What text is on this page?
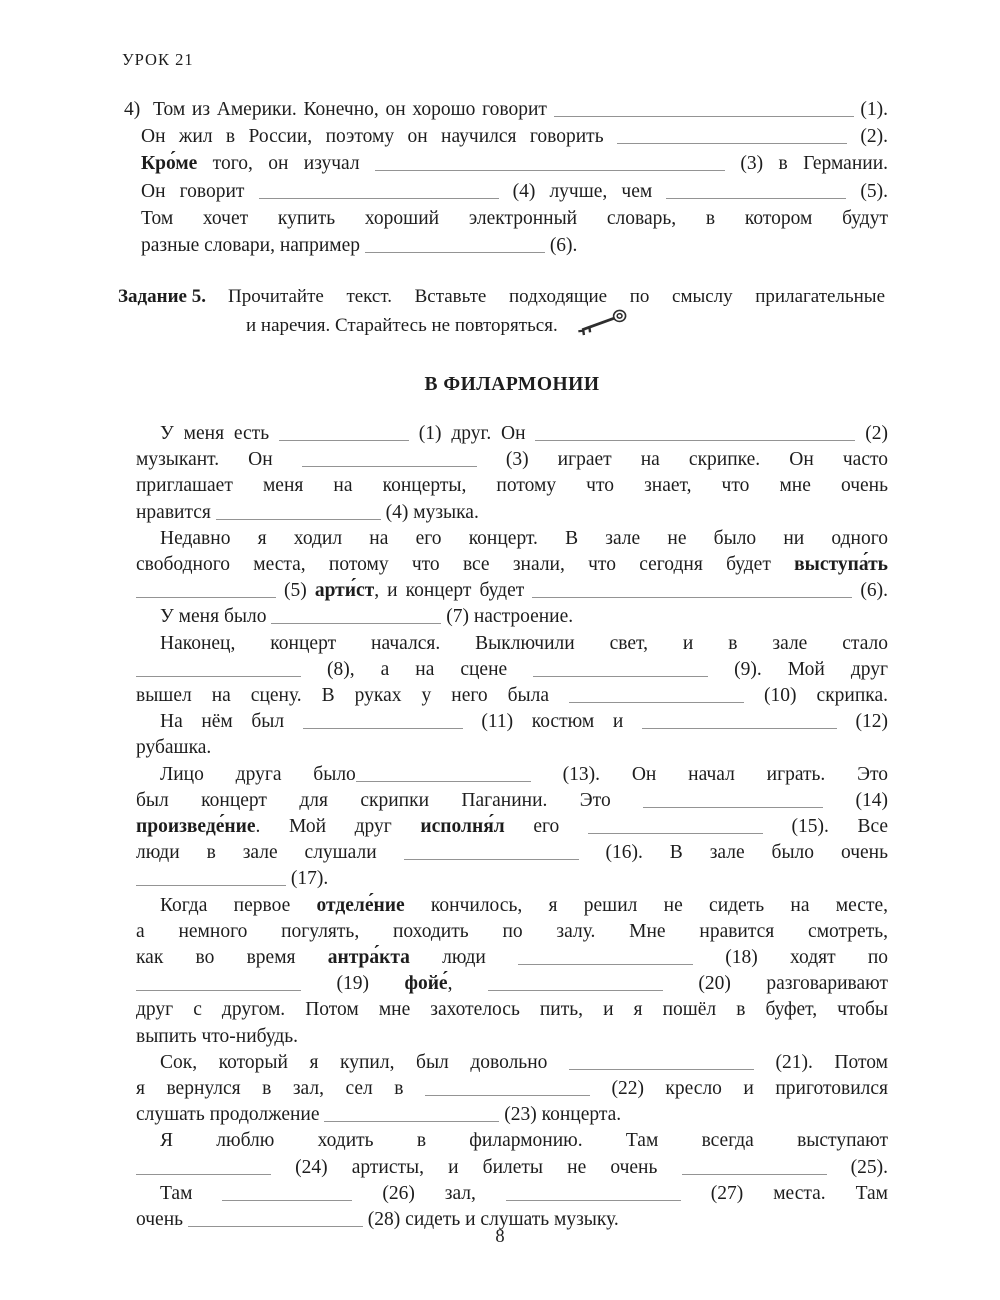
УРОК 21
4) Том из Америки. Конечно, он хорошо говорит	(1).
Он жил в России, поэтому он научился говорить	(2).
Кро́ме того, он изучал	(3) в Германии.
Он говорит	(4) лучше, чем	(5).
Том хочет купить хороший электронный словарь, в котором будут
разные словари, например	(6).
Задание 5. Прочитайте текст. Вставьте подходящие по смыслу прилагательные
и наречия. Старайтесь не повторяться.
В ФИЛАРМОНИИ
У меня есть	(1) друг. Он	(2)
музыкант. Он	(3) играет на скрипке. Он часто
приглашает меня на концерты, потому что знает, что мне очень
нравится	(4) музыка.
Недавно я ходил на его концерт. В зале не было ни одного
свободного места, потому что все знали, что сегодня будет выступа́ть
(5) арти́ст, и концерт будет	(6).
У меня было	(7) настроение.
Наконец, концерт начался. Выключили свет, и в зале стало
(8), а на сцене	(9). Мой друг
вышел на сцену. В руках у него была	(10) скрипка.
На нём был	(11) костюм и	(12)
рубашка.
Лицо друга было	(13). Он начал играть. Это
был концерт для скрипки Паганини. Это	(14)
произведе́ние. Мой друг исполня́л его	(15). Все
люди в зале слушали	(16). В зале было очень
(17).
Когда первое отделе́ние кончилось, я решил не сидеть на месте,
а немного погулять, походить по залу. Мне нравится смотреть,
как во время антра́кта люди	(18) ходят по
(19) фойе́,	(20) разговаривают
друг с другом. Потом мне захотелось пить, и я пошёл в буфет, чтобы
выпить что-нибудь.
Сок, который я купил, был довольно	(21). Потом
я вернулся в зал, сел в	(22) кресло и приготовился
слушать продолжение	(23) концерта.
Я люблю ходить в филармонию. Там всегда выступают
(24) артисты, и билеты не очень	(25).
Там	(26) зал,	(27) места. Там
очень	(28) сидеть и слушать музыку.
8
